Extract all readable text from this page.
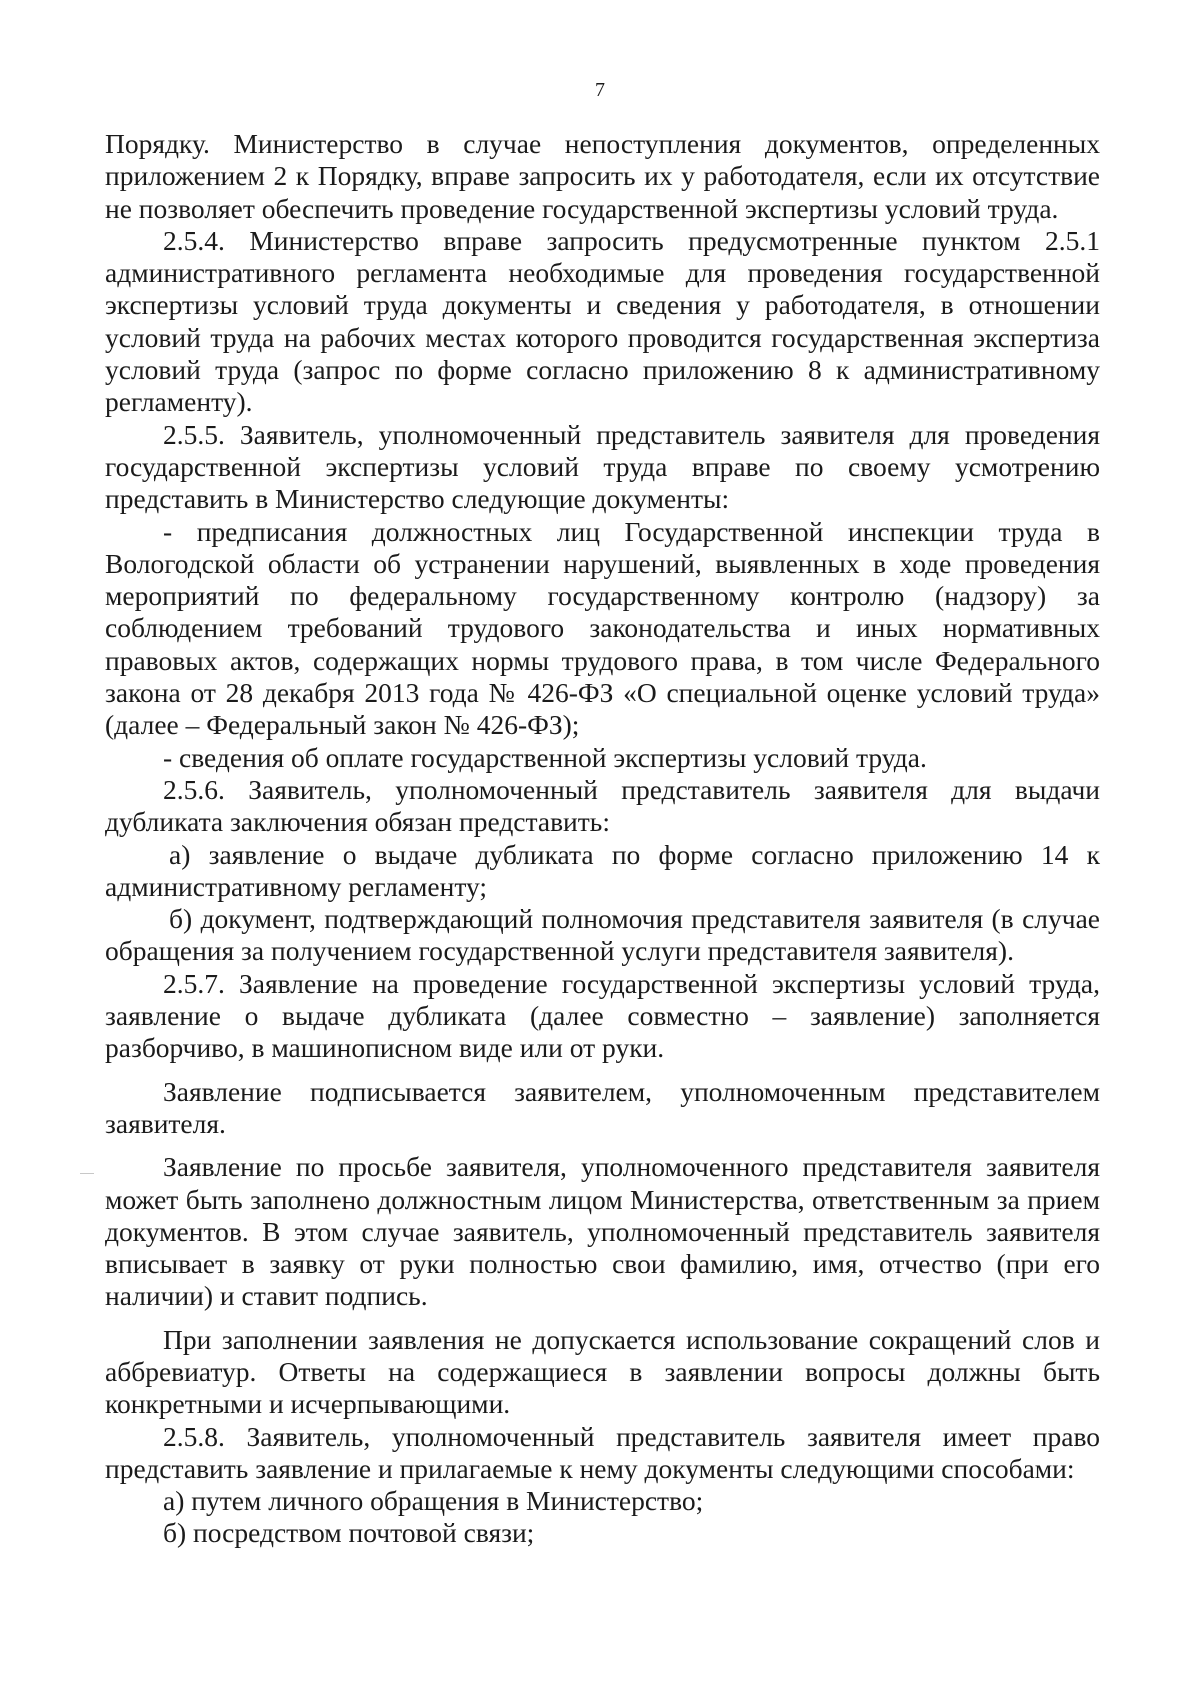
7

Порядку. Министерство в случае непоступления документов, определенных приложением 2 к Порядку, вправе запросить их у работодателя, если их отсутствие не позволяет обеспечить проведение государственной экспертизы условий труда.

2.5.4. Министерство вправе запросить предусмотренные пунктом 2.5.1 административного регламента необходимые для проведения государственной экспертизы условий труда документы и сведения у работодателя, в отношении условий труда на рабочих местах которого проводится государственная экспертиза условий труда (запрос по форме согласно приложению 8 к административному регламенту).

2.5.5. Заявитель, уполномоченный представитель заявителя для проведения государственной экспертизы условий труда вправе по своему усмотрению представить в Министерство следующие документы:

- предписания должностных лиц Государственной инспекции труда в Вологодской области об устранении нарушений, выявленных в ходе проведения мероприятий по федеральному государственному контролю (надзору) за соблюдением требований трудового законодательства и иных нормативных правовых актов, содержащих нормы трудового права, в том числе Федерального закона от 28 декабря 2013 года № 426-ФЗ «О специальной оценке условий труда» (далее – Федеральный закон № 426-ФЗ);

- сведения об оплате государственной экспертизы условий труда.

2.5.6. Заявитель, уполномоченный представитель заявителя для выдачи дубликата заключения обязан представить:

а) заявление о выдаче дубликата по форме согласно приложению 14 к административному регламенту;

б) документ, подтверждающий полномочия представителя заявителя (в случае обращения за получением государственной услуги представителя заявителя).

2.5.7. Заявление на проведение государственной экспертизы условий труда, заявление о выдаче дубликата (далее совместно – заявление) заполняется разборчиво, в машинописном виде или от руки.

Заявление подписывается заявителем, уполномоченным представителем заявителя.

Заявление по просьбе заявителя, уполномоченного представителя заявителя может быть заполнено должностным лицом Министерства, ответственным за прием документов. В этом случае заявитель, уполномоченный представитель заявителя вписывает в заявку от руки полностью свои фамилию, имя, отчество (при его наличии) и ставит подпись.

При заполнении заявления не допускается использование сокращений слов и аббревиатур. Ответы на содержащиеся в заявлении вопросы должны быть конкретными и исчерпывающими.

2.5.8. Заявитель, уполномоченный представитель заявителя имеет право представить заявление и прилагаемые к нему документы следующими способами:

а) путем личного обращения в Министерство;

б) посредством почтовой связи;
